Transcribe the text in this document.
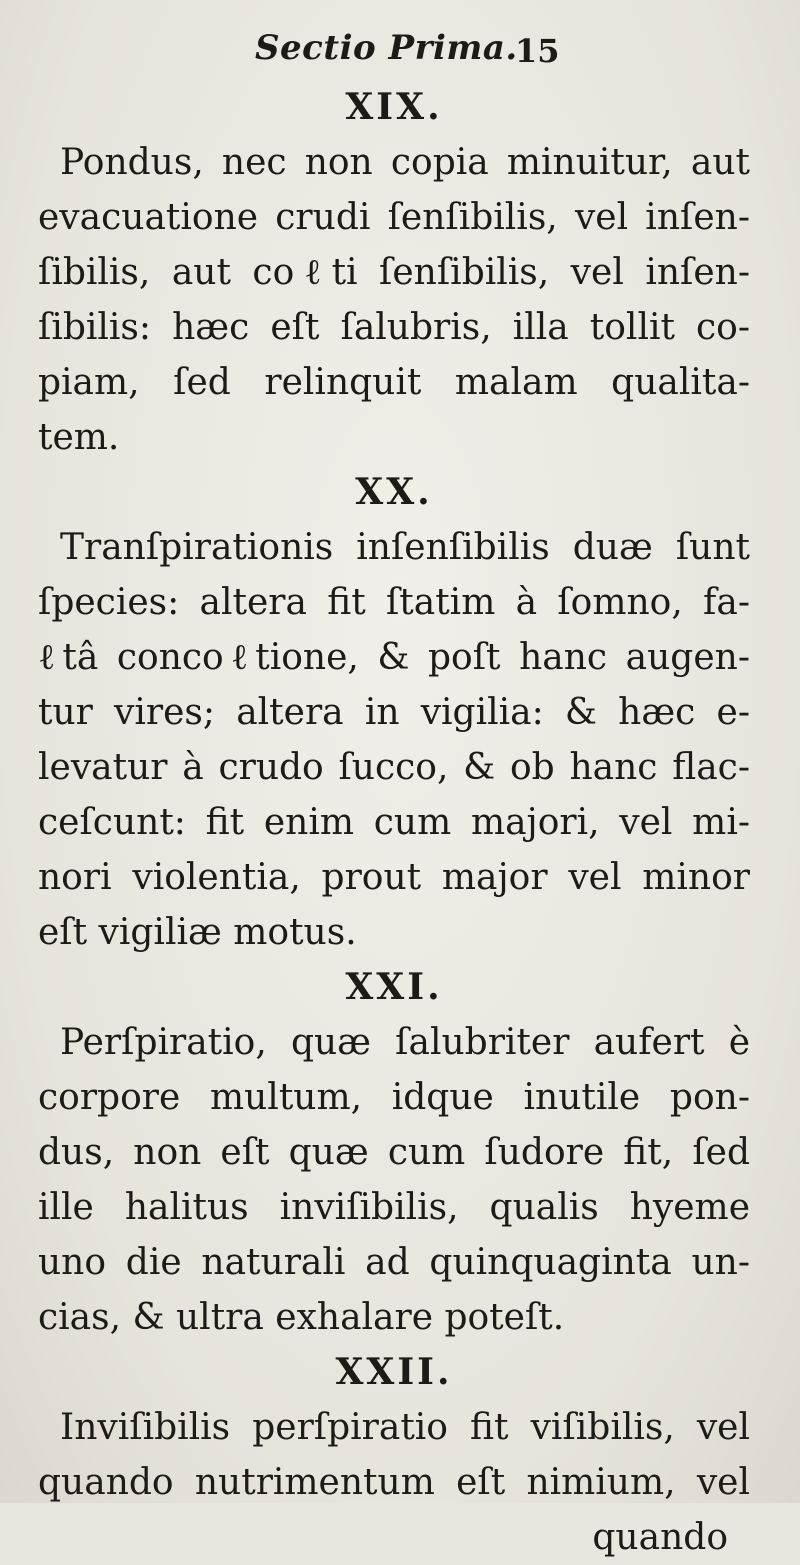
Sectio Prima.
15
XIX.
Pondus, nec non copia minuitur, aut
evacuatione crudi ſenſibilis, vel inſen-
ſibilis, aut coℓti ſenſibilis, vel inſen-
ſibilis: hæc eſt ſalubris, illa tollit co-
piam, ſed relinquit malam qualita-
tem.
XX.
Tranſpirationis inſenſibilis duæ ſunt
ſpecies: altera fit ſtatim à ſomno, fa-
ℓtâ concoℓtione, & poſt hanc augen-
tur vires; altera in vigilia: & hæc e-
levatur à crudo ſucco, & ob hanc flac-
ceſcunt: fit enim cum majori, vel mi-
nori violentia, prout major vel minor
eſt vigiliæ motus.
XXI.
Perſpiratio, quæ ſalubriter aufert è
corpore multum, idque inutile pon-
dus, non eſt quæ cum ſudore fit, ſed
ille halitus inviſibilis, qualis hyeme
uno die naturali ad quinquaginta un-
cias, & ultra exhalare poteſt.
XXII.
Inviſibilis perſpiratio fit viſibilis, vel
quando nutrimentum eſt nimium, vel
quando
